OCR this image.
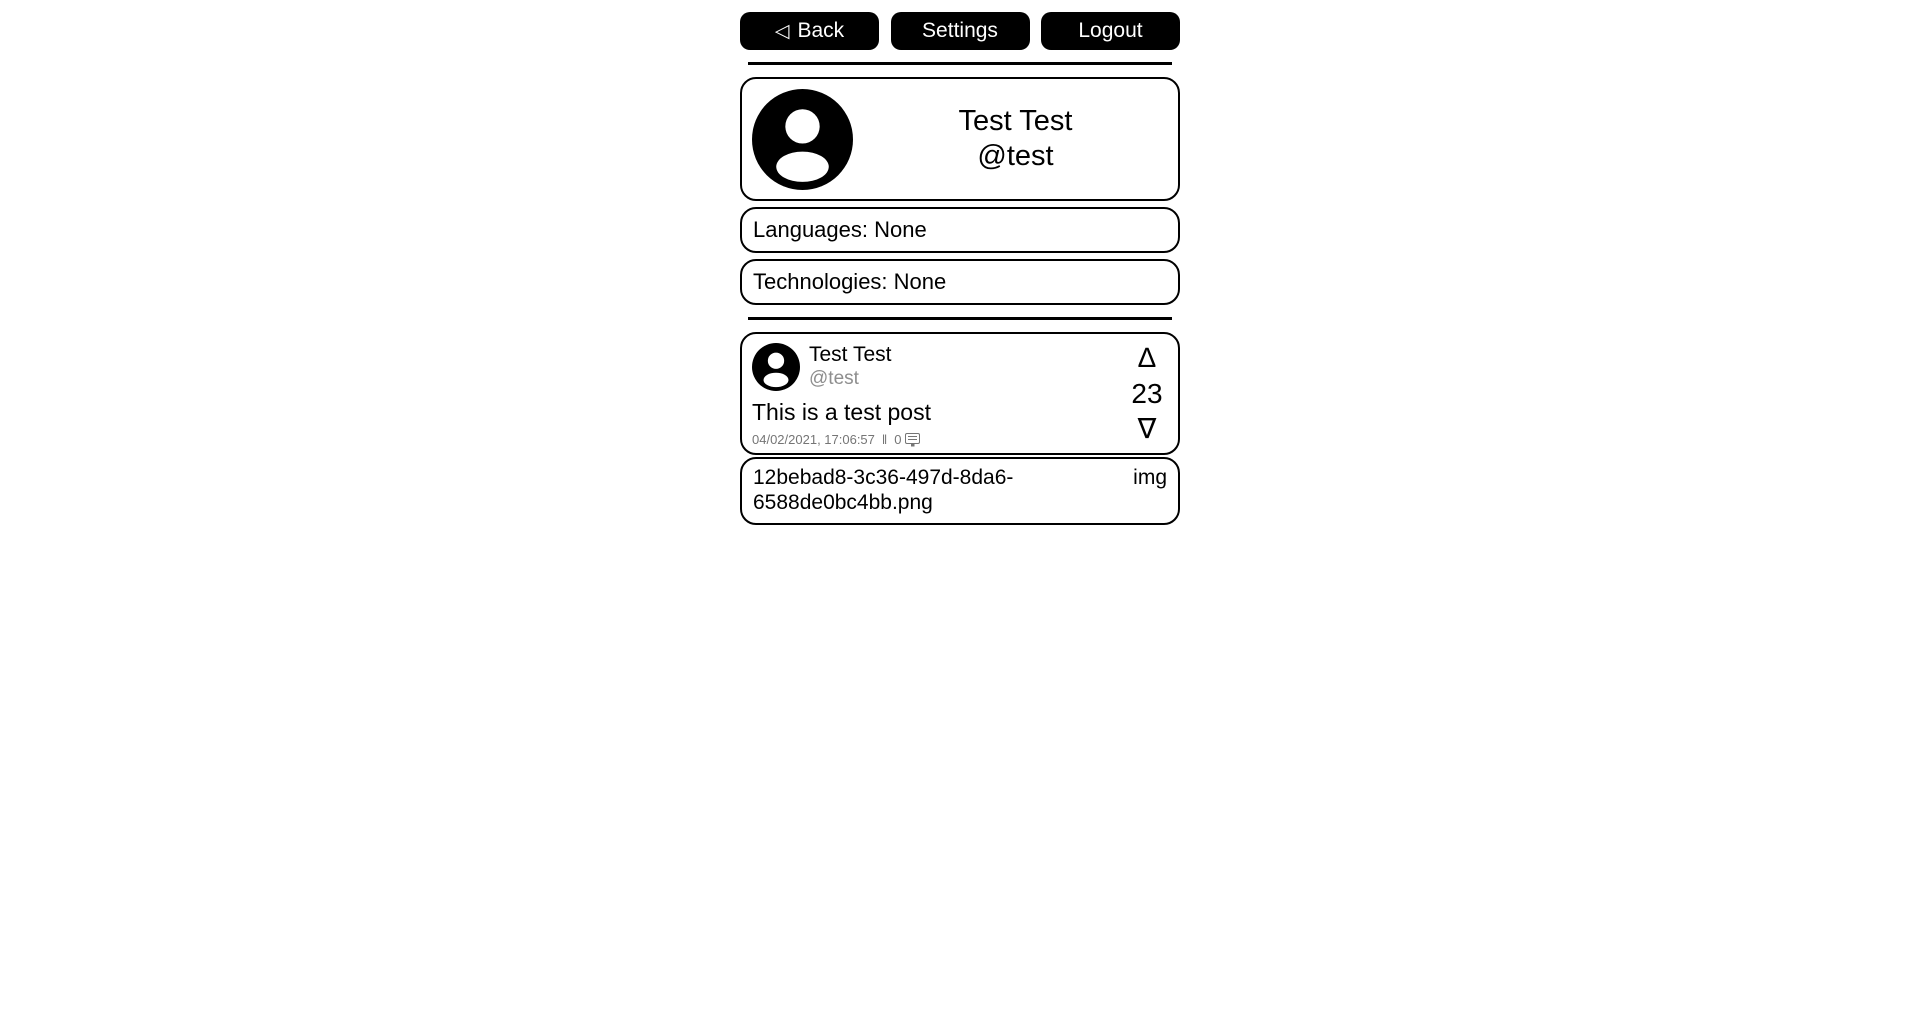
◁ Back	Settings	Logout
Test Test
@test
Languages: None
Technologies: None
Test Test
@test
This is a test post
04/02/2021, 17:06:57 ‖ 0
∆
23
∇
12bebad8-3c36-497d-8da6-6588de0bc4bb.png
img
